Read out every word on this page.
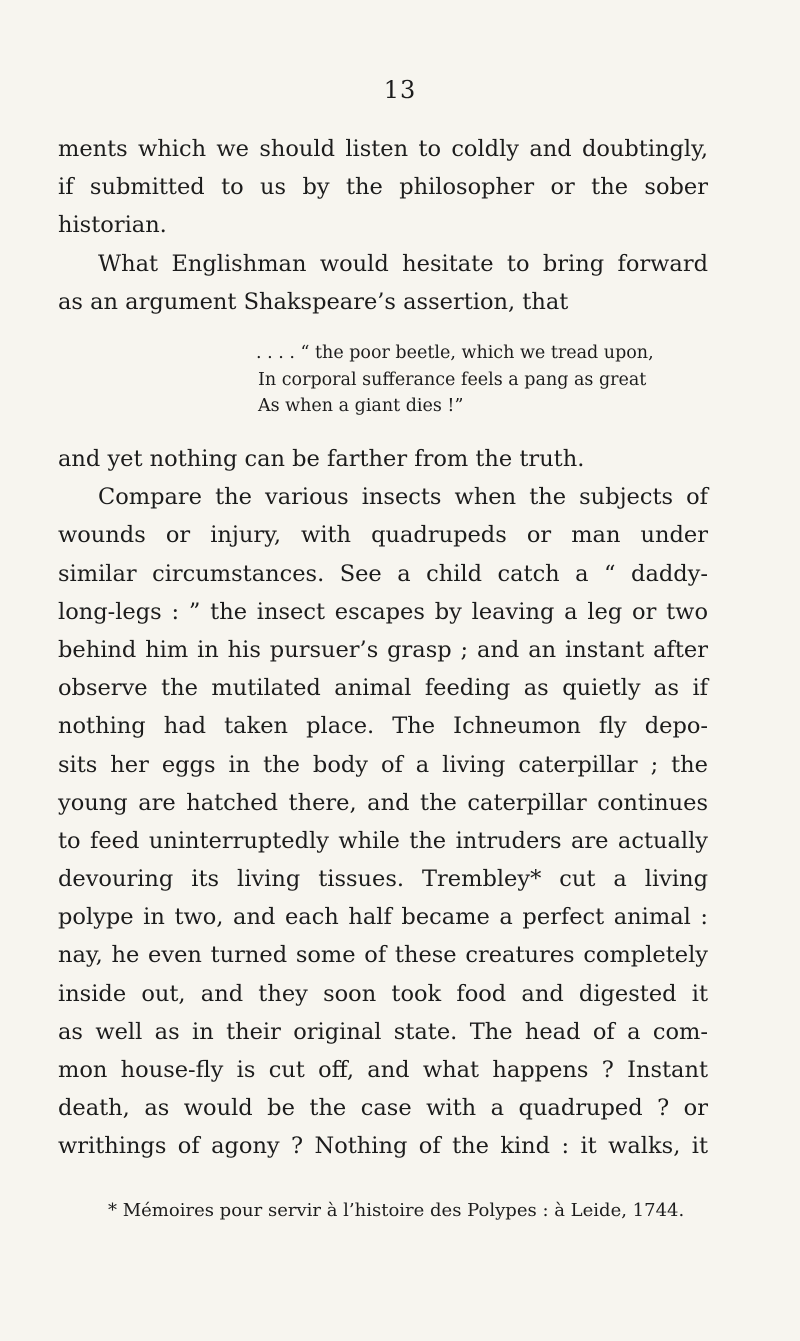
13
ments which we should listen to coldly and doubtingly,
if submitted to us by the philosopher or the sober
historian.
What Englishman would hesitate to bring forward
as an argument Shakspeare’s assertion, that
. . . . “ the poor beetle, which we tread upon,
In corporal sufferance feels a pang as great
As when a giant dies !”
and yet nothing can be farther from the truth.
Compare the various insects when the subjects of
wounds or injury, with quadrupeds or man under
similar circumstances. See a child catch a “ daddy-
long-legs : ” the insect escapes by leaving a leg or two
behind him in his pursuer’s grasp ; and an instant after
observe the mutilated animal feeding as quietly as if
nothing had taken place. The Ichneumon fly depo-
sits her eggs in the body of a living caterpillar ; the
young are hatched there, and the caterpillar continues
to feed uninterruptedly while the intruders are actually
devouring its living tissues. Trembley* cut a living
polype in two, and each half became a perfect animal :
nay, he even turned some of these creatures completely
inside out, and they soon took food and digested it
as well as in their original state. The head of a com-
mon house-fly is cut off, and what happens ? Instant
death, as would be the case with a quadruped ? or
writhings of agony ? Nothing of the kind : it walks, it
* Mémoires pour servir à l’histoire des Polypes : à Leide, 1744.
